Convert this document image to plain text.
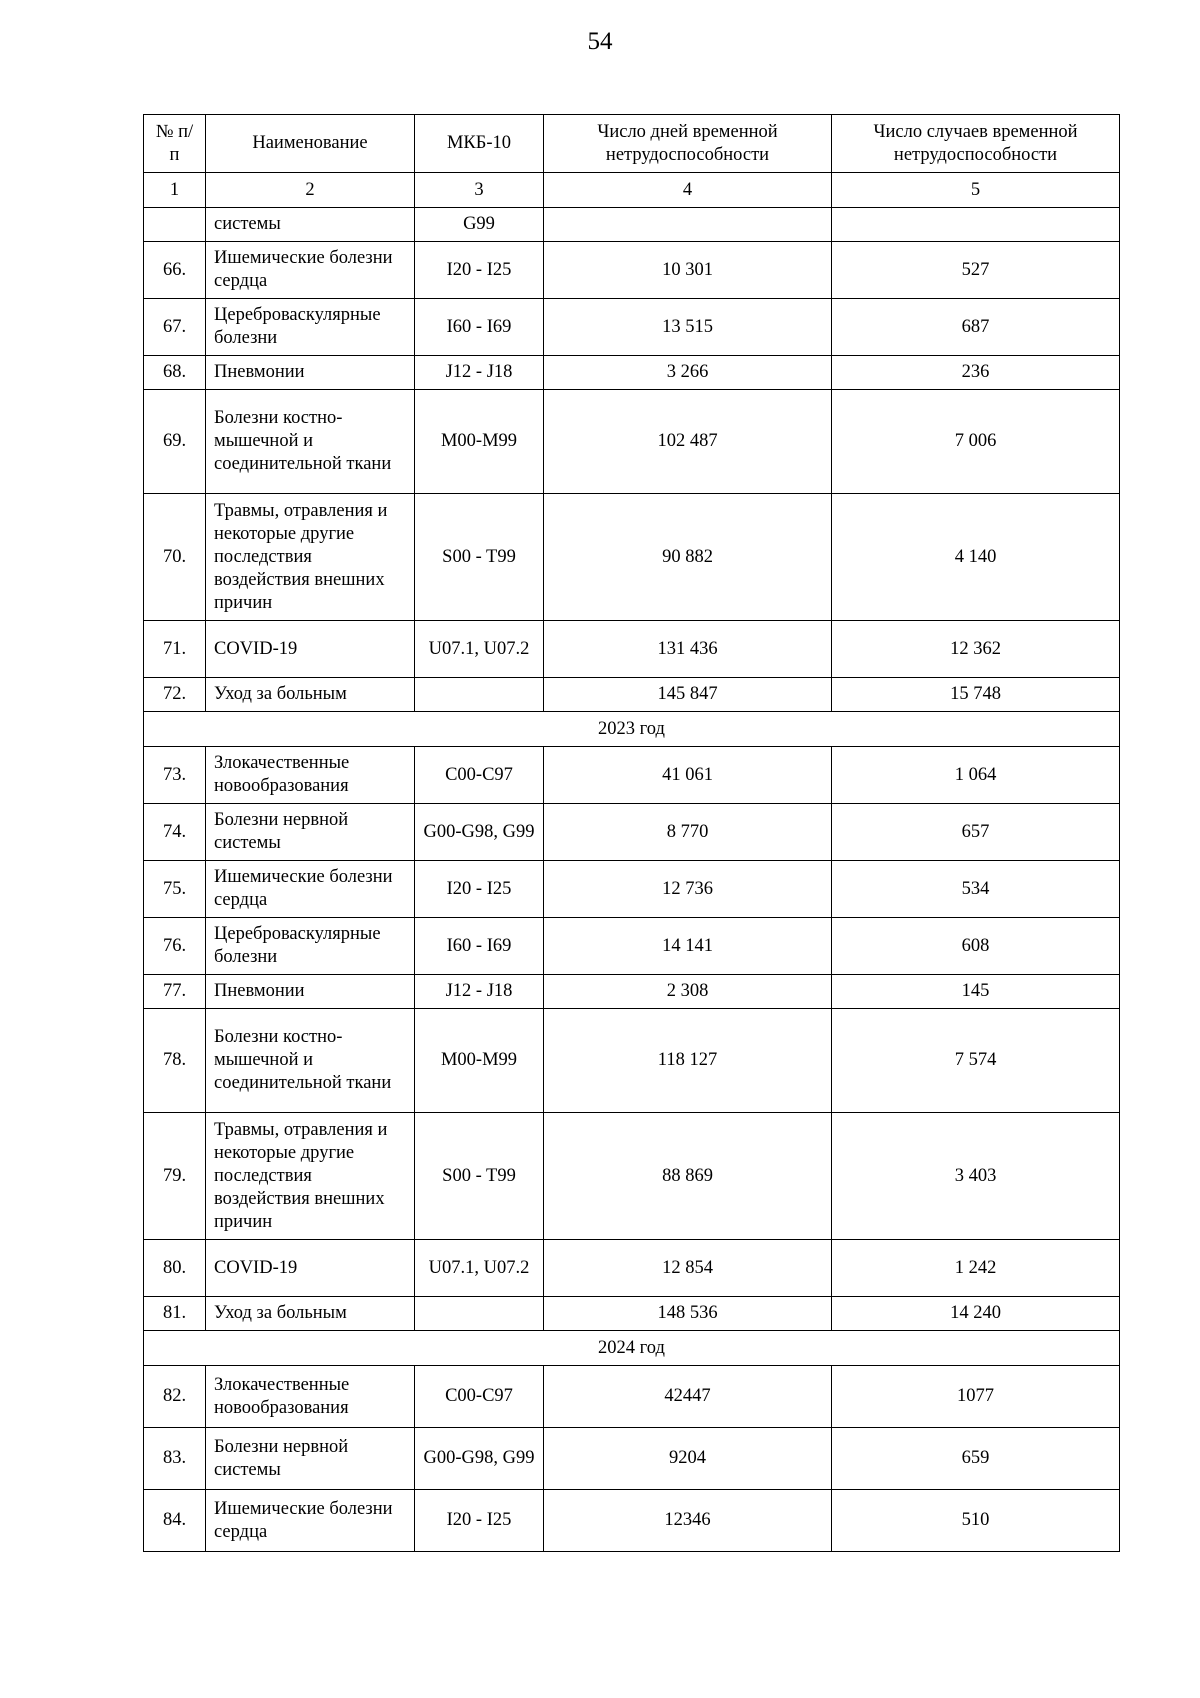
54
№ п/п	Наименование	МКБ-10	Число дней временной нетрудоспособности	Число случаев временной нетрудоспособности
1	2	3	4	5
	системы	G99		
66.	Ишемические болезни сердца	I20 - I25	10 301	527
67.	Цереброваскулярные болезни	I60 - I69	13 515	687
68.	Пневмонии	J12 - J18	3 266	236
69.	Болезни костно-мышечной и соединительной ткани	M00-M99	102 487	7 006
70.	Травмы, отравления и некоторые другие последствия воздействия внешних причин	S00 - T99	90 882	4 140
71.	COVID-19	U07.1, U07.2	131 436	12 362
72.	Уход за больным		145 847	15 748
2023 год				
73.	Злокачественные новообразования	C00-C97	41 061	1 064
74.	Болезни нервной системы	G00-G98, G99	8 770	657
75.	Ишемические болезни сердца	I20 - I25	12 736	534
76.	Цереброваскулярные болезни	I60 - I69	14 141	608
77.	Пневмонии	J12 - J18	2 308	145
78.	Болезни костно-мышечной и соединительной ткани	M00-M99	118 127	7 574
79.	Травмы, отравления и некоторые другие последствия воздействия внешних причин	S00 - T99	88 869	3 403
80.	COVID-19	U07.1, U07.2	12 854	1 242
81.	Уход за больным		148 536	14 240
2024 год				
82.	Злокачественные новообразования	C00-C97	42447	1077
83.	Болезни нервной системы	G00-G98, G99	9204	659
84.	Ишемические болезни сердца	I20 - I25	12346	510
